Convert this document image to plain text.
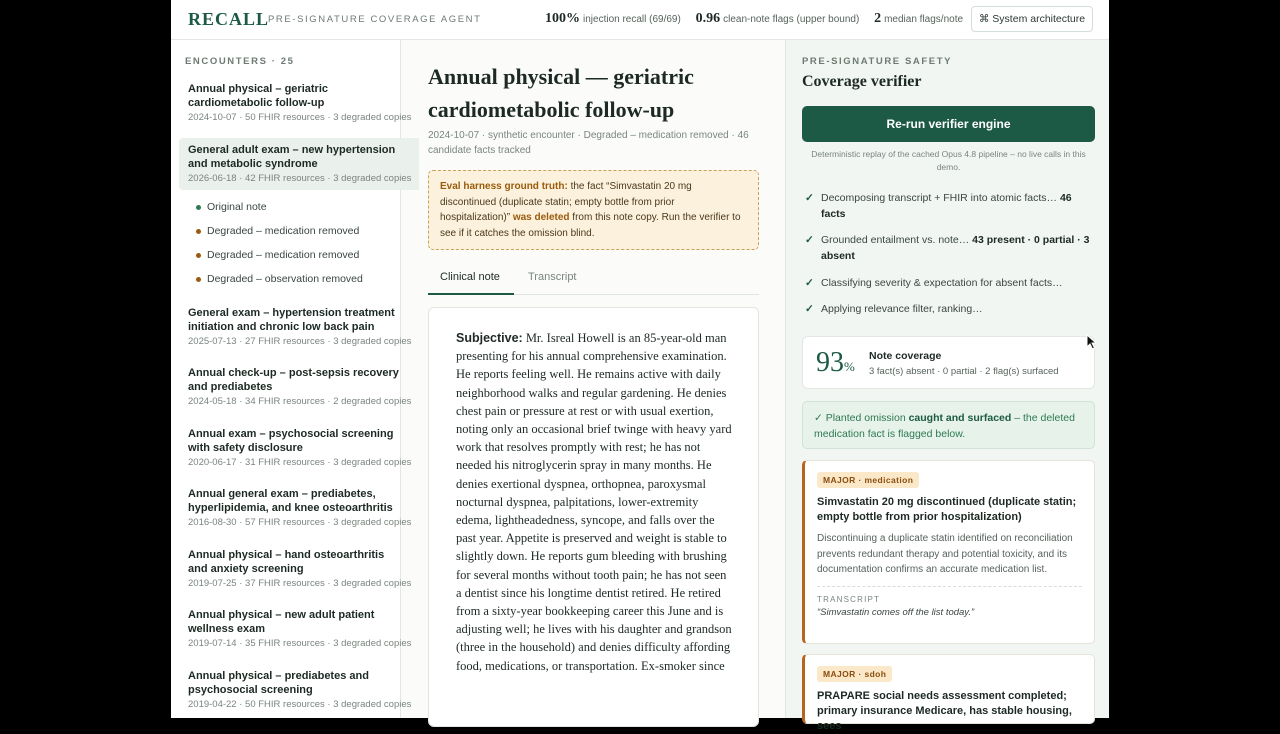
RECALL
PRE-SIGNATURE COVERAGE AGENT	100% injection recall (69/69) 0.96 clean-note flags (upper bound) 2 median flags/note	⌘ System architecture
ENCOUNTERS · 25
Annual physical – geriatric cardiometabolic follow-up
2024-10-07 · 50 FHIR resources · 3 degraded copies
General adult exam – new hypertension and metabolic syndrome
2026-06-18 · 42 FHIR resources · 3 degraded copies
Original note
Degraded – medication removed
Degraded – medication removed
Degraded – observation removed
General exam – hypertension treatment initiation and chronic low back pain
2025-07-13 · 27 FHIR resources · 3 degraded copies
Annual check-up – post-sepsis recovery and prediabetes
2024-05-18 · 34 FHIR resources · 2 degraded copies
Annual exam – psychosocial screening with safety disclosure
2020-06-17 · 31 FHIR resources · 3 degraded copies
Annual general exam – prediabetes, hyperlipidemia, and knee osteoarthritis
2016-08-30 · 57 FHIR resources · 3 degraded copies
Annual physical – hand osteoarthritis and anxiety screening
2019-07-25 · 37 FHIR resources · 3 degraded copies
Annual physical – new adult patient wellness exam
2019-07-14 · 35 FHIR resources · 3 degraded copies
Annual physical – prediabetes and psychosocial screening
2019-04-22 · 50 FHIR resources · 3 degraded copies
Annual physical — geriatric cardiometabolic follow-up
2024-10-07 · synthetic encounter · Degraded – medication removed · 46 candidate facts tracked
Eval harness ground truth: the fact “Simvastatin 20 mg discontinued (duplicate statin; empty bottle from prior hospitalization)” was deleted from this note copy. Run the verifier to see if it catches the omission blind.
Clinical note	Transcript
Subjective: Mr. Isreal Howell is an 85-year-old man presenting for his annual comprehensive examination. He reports feeling well. He remains active with daily neighborhood walks and regular gardening. He denies chest pain or pressure at rest or with usual exertion, noting only an occasional brief twinge with heavy yard work that resolves promptly with rest; he has not needed his nitroglycerin spray in many months. He denies exertional dyspnea, orthopnea, paroxysmal nocturnal dyspnea, palpitations, lower-extremity edema, lightheadedness, syncope, and falls over the past year. Appetite is preserved and weight is stable to slightly down. He reports gum bleeding with brushing for several months without tooth pain; he has not seen a dentist since his longtime dentist retired. He retired from a sixty-year bookkeeping career this June and is adjusting well; he lives with his daughter and grandson (three in the household) and denies difficulty affording food, medications, or transportation. Ex-smoker since
PRE-SIGNATURE SAFETY
Coverage verifier
Re-run verifier engine
Deterministic replay of the cached Opus 4.8 pipeline – no live calls in this demo.
✓ Decomposing transcript + FHIR into atomic facts… 46 facts
✓ Grounded entailment vs. note… 43 present · 0 partial · 3 absent
✓ Classifying severity & expectation for absent facts…
✓ Applying relevance filter, ranking…
93%
Note coverage
3 fact(s) absent · 0 partial · 2 flag(s) surfaced
✓ Planted omission caught and surfaced – the deleted medication fact is flagged below.
MAJOR · medication
Simvastatin 20 mg discontinued (duplicate statin; empty bottle from prior hospitalization)
Discontinuing a duplicate statin identified on reconciliation prevents redundant therapy and potential toxicity, and its documentation confirms an accurate medication list.
TRANSCRIPT
“Simvastatin comes off the list today.”
MAJOR · sdoh
PRAPARE social needs assessment completed; primary insurance Medicare, has stable housing, sees
